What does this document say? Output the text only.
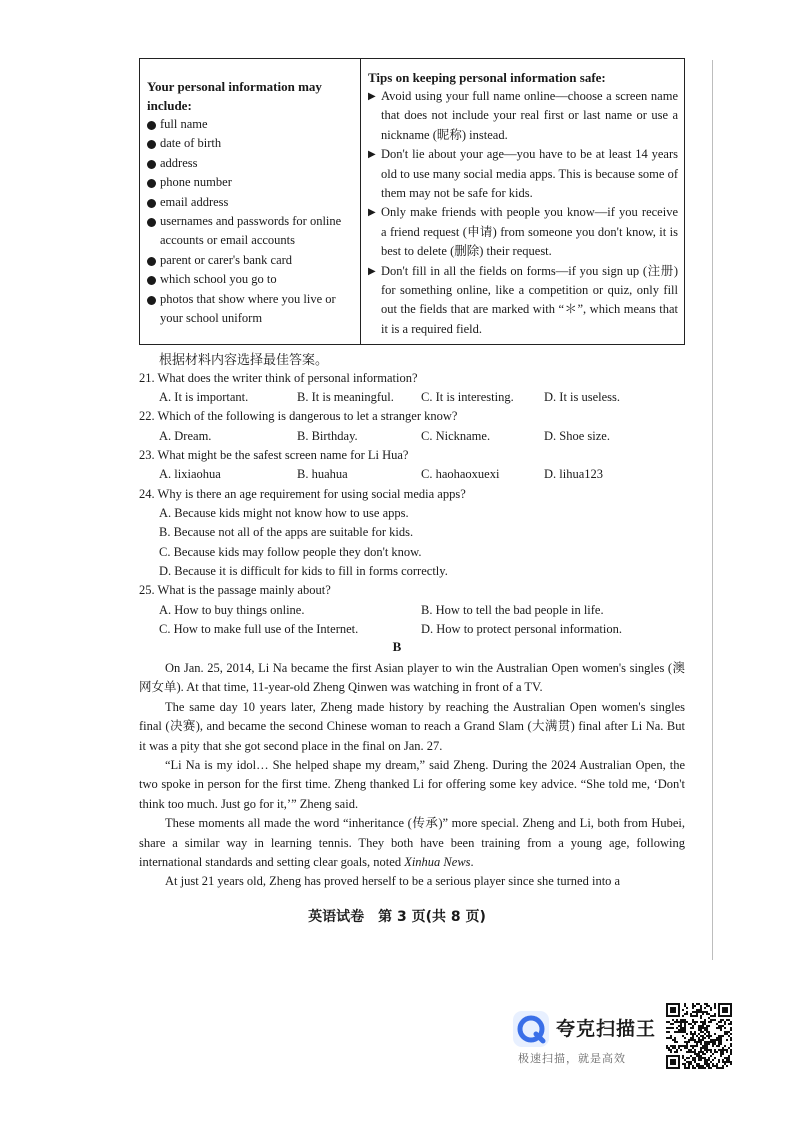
Your personal information may include:
full name
date of birth
address
phone number
email address
usernames and passwords for online accounts or email accounts
parent or carer's bank card
which school you go to
photos that show where you live or your school uniform
Tips on keeping personal information safe:
▶ Avoid using your full name online—choose a screen name that does not include your real first or last name or use a nickname (昵称) instead.
▶ Don't lie about your age—you have to be at least 14 years old to use many social media apps. This is because some of them may not be safe for kids.
▶ Only make friends with people you know—if you receive a friend request (申请) from someone you don't know, it is best to delete (删除) their request.
▶ Don't fill in all the fields on forms—if you sign up (注册) for something online, like a competition or quiz, only fill out the fields that are marked with “＊”, which means that it is a required field.
根据材料内容选择最佳答案。
21. What does the writer think of personal information?
A. It is important.	B. It is meaningful. C. It is interesting. D. It is useless.
22. Which of the following is dangerous to let a stranger know?
A. Dream.	B. Birthday.	C. Nickname.	D. Shoe size.
23. What might be the safest screen name for Li Hua?
A. lixiaohua	B. huahua	C. haohaoxuexi	D. lihua123
24. Why is there an age requirement for using social media apps?
A. Because kids might not know how to use apps.
B. Because not all of the apps are suitable for kids.
C. Because kids may follow people they don't know.
D. Because it is difficult for kids to fill in forms correctly.
25. What is the passage mainly about?
A. How to buy things online.	B. How to tell the bad people in life.
C. How to make full use of the Internet.	D. How to protect personal information.
B

On Jan. 25, 2014, Li Na became the first Asian player to win the Australian Open women's singles (澳网女单). At that time, 11-year-old Zheng Qinwen was watching in front of a TV.

The same day 10 years later, Zheng made history by reaching the Australian Open women's singles final (决赛), and became the second Chinese woman to reach a Grand Slam (大满贯) final after Li Na. But it was a pity that she got second place in the final on Jan. 27.

“Li Na is my idol… She helped shape my dream,” said Zheng. During the 2024 Australian Open, the two spoke in person for the first time. Zheng thanked Li for offering some key advice. “She told me, ‘Don't think too much. Just go for it,’” Zheng said.

These moments all made the word “inheritance (传承)” more special. Zheng and Li, both from Hubei, share a similar way in learning tennis. They both have been training from a young age, following international standards and setting clear goals, noted Xinhua News.

At just 21 years old, Zheng has proved herself to be a serious player since she turned into a

英语试卷　第 3 页(共 8 页)
夸克扫描王
极速扫描，就是高效
